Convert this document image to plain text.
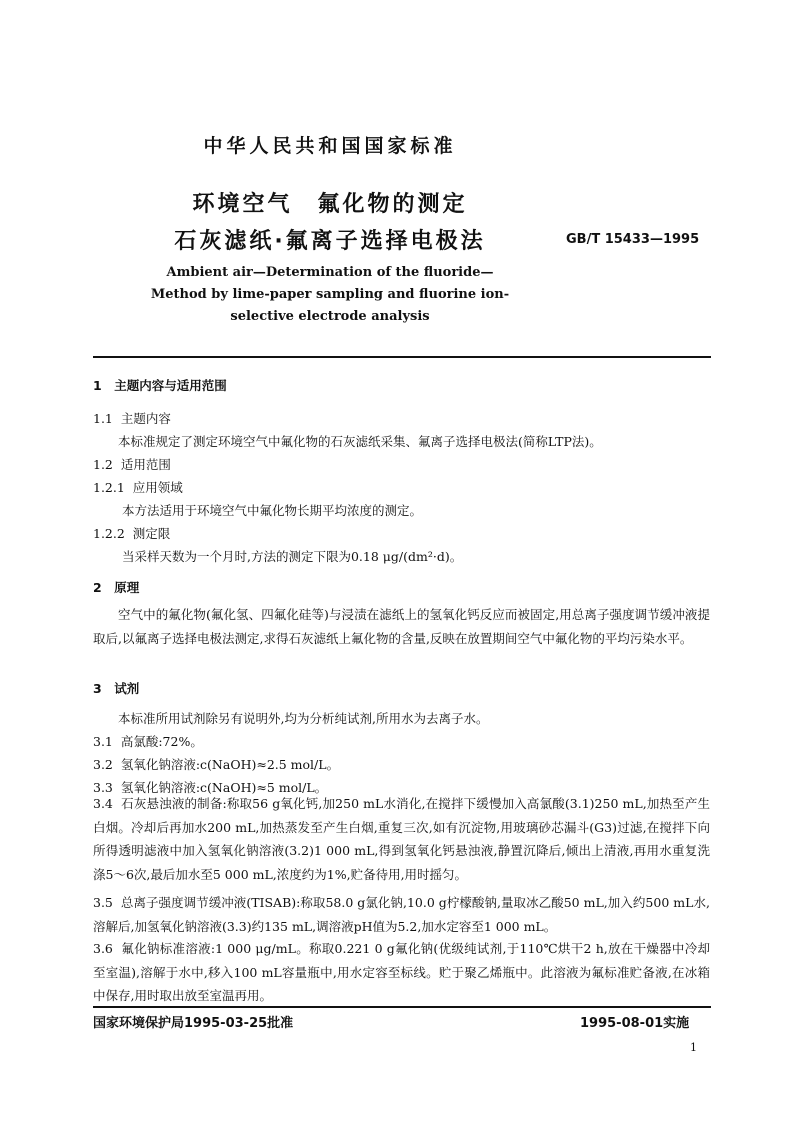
中华人民共和国国家标准

环境空气　氟化物的测定

石灰滤纸·氟离子选择电极法	GB/T 15433—1995

Ambient air—Determination of the fluoride—

Method by lime-paper sampling and fluorine ion-

selective electrode analysis

1　主题内容与适用范围

1.1 主题内容

本标准规定了测定环境空气中氟化物的石灰滤纸采集、氟离子选择电极法(简称LTP法)。

1.2 适用范围

1.2.1 应用领域

本方法适用于环境空气中氟化物长期平均浓度的测定。

1.2.2 测定限

当采样天数为一个月时,方法的测定下限为0.18 μg/(dm²·d)。

2　原理

空气中的氟化物(氟化氢、四氟化硅等)与浸渍在滤纸上的氢氧化钙反应而被固定,用总离子强度调节缓冲液提取后,以氟离子选择电极法测定,求得石灰滤纸上氟化物的含量,反映在放置期间空气中氟化物的平均污染水平。

3　试剂

本标准所用试剂除另有说明外,均为分析纯试剂,所用水为去离子水。

3.1 高氯酸:72%。

3.2 氢氧化钠溶液:c(NaOH)≈2.5 mol/L。

3.3 氢氧化钠溶液:c(NaOH)≈5 mol/L。

3.4 石灰悬浊液的制备:称取56 g氧化钙,加250 mL水消化,在搅拌下缓慢加入高氯酸(3.1)250 mL,加热至产生白烟。冷却后再加水200 mL,加热蒸发至产生白烟,重复三次,如有沉淀物,用玻璃砂芯漏斗(G3)过滤,在搅拌下向所得透明滤液中加入氢氧化钠溶液(3.2)1 000 mL,得到氢氧化钙悬浊液,静置沉降后,倾出上清液,再用水重复洗涤5～6次,最后加水至5 000 mL,浓度约为1%,贮备待用,用时摇匀。

3.5 总离子强度调节缓冲液(TISAB):称取58.0 g氯化钠,10.0 g柠檬酸钠,量取冰乙酸50 mL,加入约500 mL水,溶解后,加氢氧化钠溶液(3.3)约135 mL,调溶液pH值为5.2,加水定容至1 000 mL。

3.6 氟化钠标准溶液:1 000 μg/mL。称取0.221 0 g氟化钠(优级纯试剂,于110℃烘干2 h,放在干燥器中冷却至室温),溶解于水中,移入100 mL容量瓶中,用水定容至标线。贮于聚乙烯瓶中。此溶液为氟标准贮备液,在冰箱中保存,用时取出放至室温再用。

国家环境保护局1995-03-25批准	1995-08-01实施

1
